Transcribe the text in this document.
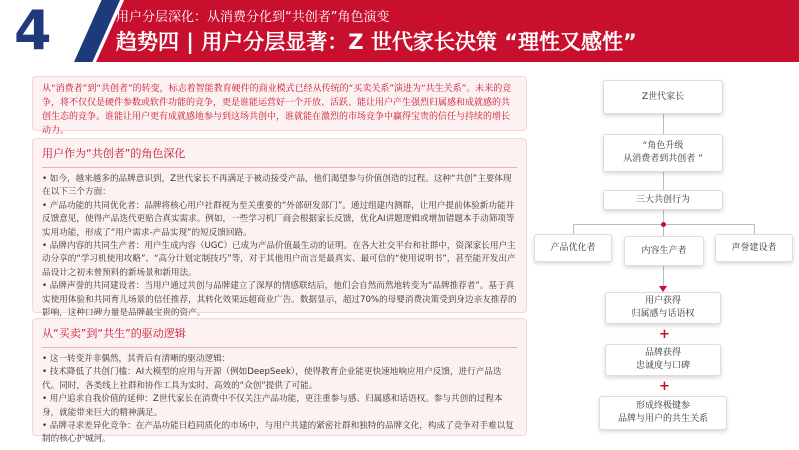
4	用户分层深化：从消费分化到“共创者”角色演变
趋势四 | 用户分层显著：Z 世代家长决策 “理性又感性”
从“消费者”到“共创者”的转变，标志着智能教育硬件的商业模式已经从传统的“买卖关系”演进为“共生关系”。未来的竞争，将不仅仅是硬件参数或软件功能的竞争，更是谁能运营好一个开放、活跃、能让用户产生强烈归属感和成就感的共创生态的竞争。谁能让用户更有成就感地参与到这场共创中，谁就能在激烈的市场竞争中赢得宝贵的信任与持续的增长动力。
用户作为“共创者”的角色深化

• 如今，越来越多的品牌意识到，Z世代家长不再满足于被动接受产品，他们渴望参与价值创造的过程。这种“共创”主要体现在以下三个方面：

• 产品功能的共同优化者：品牌将核心用户社群视为至关重要的“外部研发部门”。通过组建内测群，让用户提前体验新功能并反馈意见，使得产品迭代更贴合真实需求。例如，一些学习机厂商会根据家长反馈，优化AI讲题逻辑或增加错题本手动筛项等实用功能，形成了“用户需求-产品实现”的短反馈回路。

• 品牌内容的共同生产者：用户生成内容（UGC）已成为产品价值最生动的证明。在各大社交平台和社群中，资深家长用户主动分享的“学习机使用攻略”、“高分计划定制技巧”等，对于其他用户而言是最真实、最可信的“使用说明书”，甚至能开发出产品设计之初未曾预料的新场景和新用法。

• 品牌声誉的共同建设者：当用户通过共创与品牌建立了深厚的情感联结后，他们会自然而然地转变为“品牌推荐者”。基于真实使用体验和共同育儿场景的信任推荐，其转化效果远超商业广告。数据显示，超过70%的母婴消费决策受到身边亲友推荐的影响，这种口碑力量是品牌最宝贵的资产。

从“买卖”到“共生”的驱动逻辑

• 这一转变并非偶然，其背后有清晰的驱动逻辑：

• 技术降低了共创门槛：AI大模型的应用与开源（例如DeepSeek），使得教育企业能更快速地响应用户反馈，进行产品迭代。同时，各类线上社群和协作工具为实时、高效的“众创”提供了可能。

• 用户追求自我价值的延伸：Z世代家长在消费中不仅关注产品功能，更注重参与感、归属感和话语权。参与共创的过程本身，就能带来巨大的精神满足。

• 品牌寻求差异化竞争：在产品功能日趋同质化的市场中，与用户共建的紧密社群和独特的品牌文化，构成了竞争对手难以复制的核心护城河。

Z世代家长
“角色升级
从消费者到共创者 ”
三大共创行为
产品优化者	内容生产者	声誉建设者
用户获得
归属感与话语权
+
品牌获得
忠诚度与口碑
+
形成终极键参
品牌与用户的共生关系
